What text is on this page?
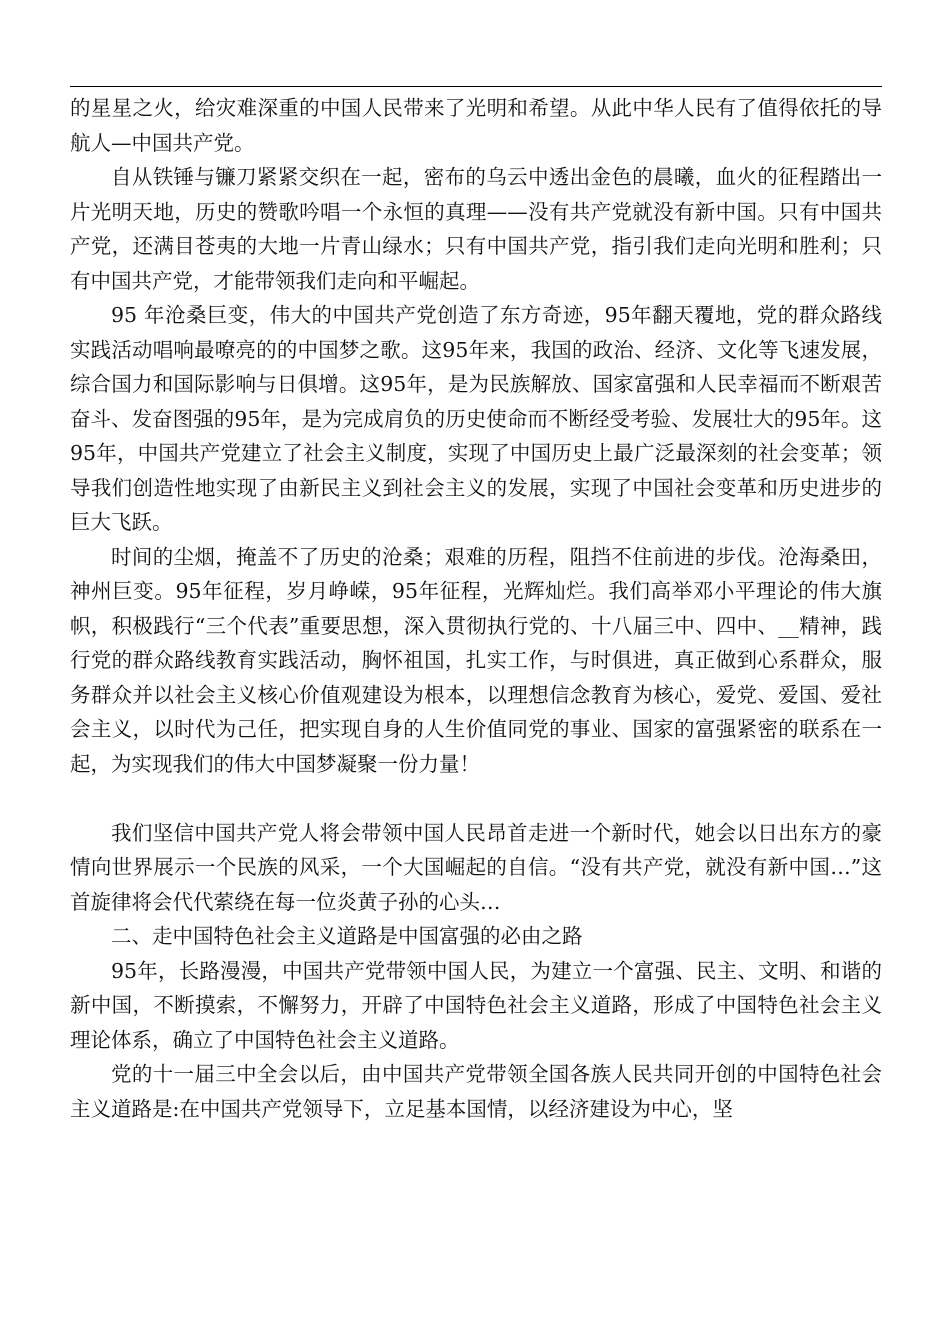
的星星之火，给灾难深重的中国人民带来了光明和希望。从此中华人民有了值得依托的导航人—中国共产党。

自从铁锤与镰刀紧紧交织在一起，密布的乌云中透出金色的晨曦，血火的征程踏出一片光明天地，历史的赞歌吟唱一个永恒的真理——没有共产党就没有新中国。只有中国共产党，还满目苍夷的大地一片青山绿水；只有中国共产党，指引我们走向光明和胜利；只有中国共产党，才能带领我们走向和平崛起。

95 年沧桑巨变，伟大的中国共产党创造了东方奇迹，95年翻天覆地，党的群众路线实践活动唱响最嘹亮的的中国梦之歌。这95年来，我国的政治、经济、文化等飞速发展，综合国力和国际影响与日俱增。这95年，是为民族解放、国家富强和人民幸福而不断艰苦奋斗、发奋图强的95年，是为完成肩负的历史使命而不断经受考验、发展壮大的95年。这95年，中国共产党建立了社会主义制度，实现了中国历史上最广泛最深刻的社会变革；领导我们创造性地实现了由新民主义到社会主义的发展，实现了中国社会变革和历史进步的巨大飞跃。

时间的尘烟，掩盖不了历史的沧桑；艰难的历程，阻挡不住前进的步伐。沧海桑田，神州巨变。95年征程，岁月峥嵘，95年征程，光辉灿烂。我们高举邓小平理论的伟大旗帜，积极践行“三个代表”重要思想，深入贯彻执行党的、十八届三中、四中、__精神，践行党的群众路线教育实践活动，胸怀祖国，扎实工作，与时俱进，真正做到心系群众，服务群众并以社会主义核心价值观建设为根本，以理想信念教育为核心，爱党、爱国、爱社会主义，以时代为己任，把实现自身的人生价值同党的事业、国家的富强紧密的联系在一起，为实现我们的伟大中国梦凝聚一份力量！

我们坚信中国共产党人将会带领中国人民昂首走进一个新时代，她会以日出东方的豪情向世界展示一个民族的风采，一个大国崛起的自信。“没有共产党，就没有新中国…”这首旋律将会代代萦绕在每一位炎黄子孙的心头…

二、走中国特色社会主义道路是中国富强的必由之路

95年，长路漫漫，中国共产党带领中国人民，为建立一个富强、民主、文明、和谐的新中国，不断摸索，不懈努力，开辟了中国特色社会主义道路，形成了中国特色社会主义理论体系，确立了中国特色社会主义道路。

党的十一届三中全会以后，由中国共产党带领全国各族人民共同开创的中国特色社会主义道路是:在中国共产党领导下，立足基本国情，以经济建设为中心，坚
